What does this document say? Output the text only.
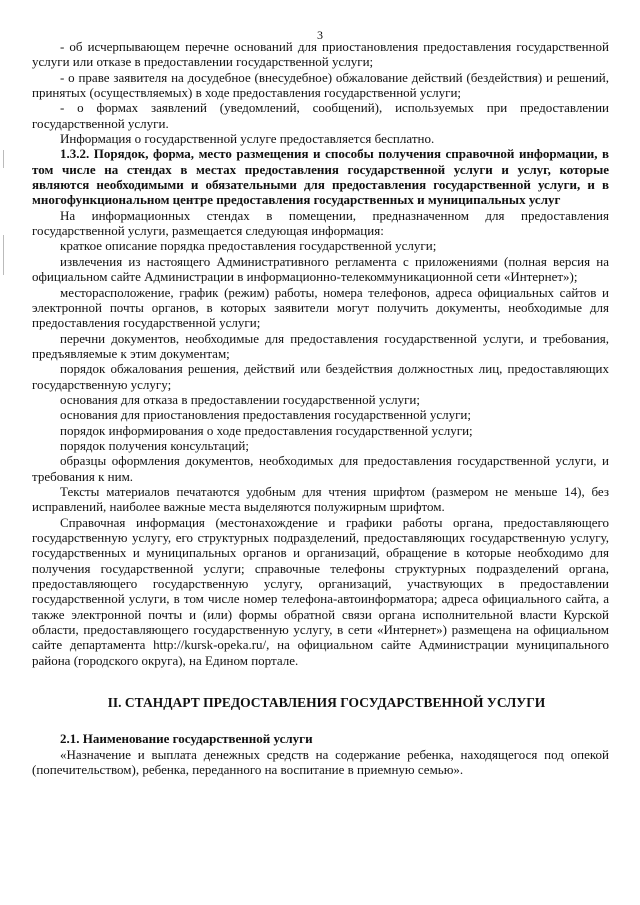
3

- об исчерпывающем перечне оснований для приостановления предоставления государственной услуги или отказе в предоставлении государственной услуги;

- о праве заявителя на досудебное (внесудебное) обжалование действий (бездействия) и решений, принятых (осуществляемых) в ходе предоставления государственной услуги;

- о формах заявлений (уведомлений, сообщений), используемых при предоставлении государственной услуги.

Информация о государственной услуге предоставляется бесплатно.

1.3.2. Порядок, форма, место размещения и способы получения справочной информации, в том числе на стендах в местах предоставления государственной услуги и услуг, которые являются необходимыми и обязательными для предоставления государственной услуги, и в многофункциональном центре предоставления государственных и муниципальных услуг

На информационных стендах в помещении, предназначенном для предоставления государственной услуги, размещается следующая информация:

краткое описание порядка предоставления государственной услуги;

извлечения из настоящего Административного регламента с приложениями (полная версия на официальном сайте Администрации в информационно-телекоммуникационной сети «Интернет»);

месторасположение, график (режим) работы, номера телефонов, адреса официальных сайтов и электронной почты органов, в которых заявители могут получить документы, необходимые для предоставления государственной услуги;

перечни документов, необходимые для предоставления государственной услуги, и требования, предъявляемые к этим документам;

порядок обжалования решения, действий или бездействия должностных лиц, предоставляющих государственную услугу;

основания для отказа в предоставлении государственной услуги;

основания для приостановления предоставления государственной услуги;

порядок информирования о ходе предоставления государственной услуги;

порядок получения консультаций;

образцы оформления документов, необходимых для предоставления государственной услуги, и требования к ним.

Тексты материалов печатаются удобным для чтения шрифтом (размером не меньше 14), без исправлений, наиболее важные места выделяются полужирным шрифтом.

Справочная информация (местонахождение и графики работы органа, предоставляющего государственную услугу, его структурных подразделений, предоставляющих государственную услугу, государственных и муниципальных органов и организаций, обращение в которые необходимо для получения государственной услуги; справочные телефоны структурных подразделений органа, предоставляющего государственную услугу, организаций, участвующих в предоставлении государственной услуги, в том числе номер телефона-автоинформатора; адреса официального сайта, а также электронной почты и (или) формы обратной связи органа исполнительной власти Курской области, предоставляющего государственную услугу, в сети «Интернет») размещена на официальном сайте департамента http://kursk-opeka.ru/, на официальном сайте Администрации муниципального района (городского округа), на Едином портале.

II. СТАНДАРТ ПРЕДОСТАВЛЕНИЯ ГОСУДАРСТВЕННОЙ УСЛУГИ

2.1. Наименование государственной услуги

«Назначение и выплата денежных средств на содержание ребенка, находящегося под опекой (попечительством), ребенка, переданного на воспитание в приемную семью».
